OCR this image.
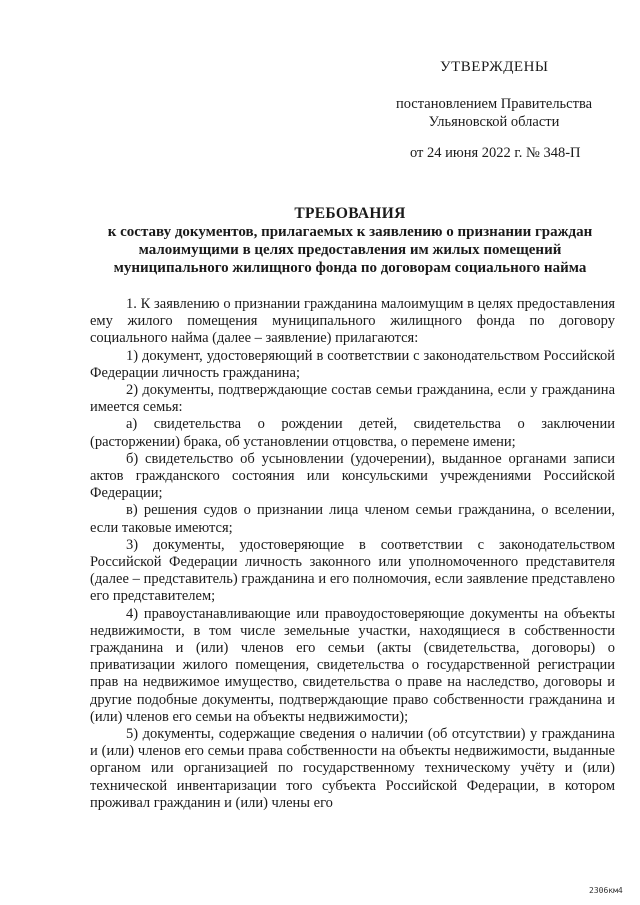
УТВЕРЖДЕНЫ
постановлением Правительства
Ульяновской области
от 24 июня 2022 г. № 348-П
ТРЕБОВАНИЯ
к составу документов, прилагаемых к заявлению о признании граждан
малоимущими в целях предоставления им жилых помещений
муниципального жилищного фонда по договорам социального найма

1. К заявлению о признании гражданина малоимущим в целях предоставления ему жилого помещения муниципального жилищного фонда по договору социального найма (далее – заявление) прилагаются:

1) документ, удостоверяющий в соответствии с законодательством Российской Федерации личность гражданина;

2) документы, подтверждающие состав семьи гражданина, если у гражданина имеется семья:

а) свидетельства о рождении детей, свидетельства о заключении (расторжении) брака, об установлении отцовства, о перемене имени;

б) свидетельство об усыновлении (удочерении), выданное органами записи актов гражданского состояния или консульскими учреждениями Российской Федерации;

в) решения судов о признании лица членом семьи гражданина, о вселении, если таковые имеются;

3) документы, удостоверяющие в соответствии с законодательством Российской Федерации личность законного или уполномоченного представителя (далее – представитель) гражданина и его полномочия, если заявление представлено его представителем;

4) правоустанавливающие или правоудостоверяющие документы на объекты недвижимости, в том числе земельные участки, находящиеся в собственности гражданина и (или) членов его семьи (акты (свидетельства, договоры) о приватизации жилого помещения, свидетельства о государственной регистрации прав на недвижимое имущество, свидетельства о праве на наследство, договоры и другие подобные документы, подтверждающие право собственности гражданина и (или) членов его семьи на объекты недвижимости);

5) документы, содержащие сведения о наличии (об отсутствии) у гражданина и (или) членов его семьи права собственности на объекты недвижимости, выданные органом или организацией по государственному техническому учёту и (или) технической инвентаризации того субъекта Российской Федерации, в котором проживал гражданин и (или) члены его

2306км4
